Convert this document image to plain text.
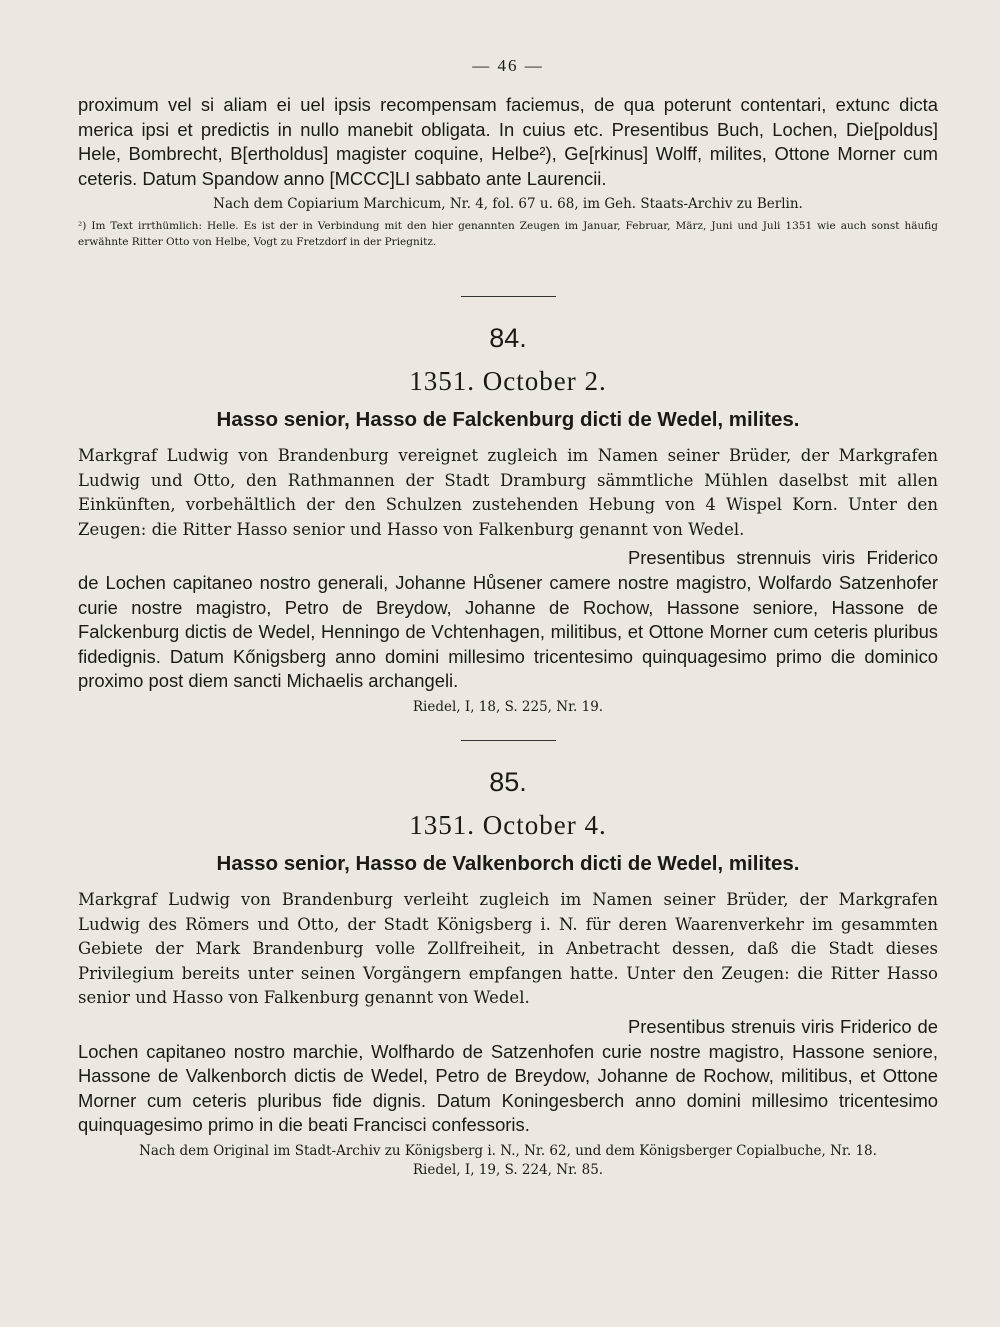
— 46 —

proximum vel si aliam ei uel ipsis recompensam faciemus, de qua poterunt contentari, extunc dicta merica ipsi et predictis in nullo manebit obligata. In cuius etc. Presentibus Buch, Lochen, Die[poldus] Hele, Bombrecht, B[ertholdus] magister coquine, Helbe²), Ge[rkinus] Wolff, milites, Ottone Morner cum ceteris. Datum Spandow anno [MCCC]LI sabbato ante Laurencii.

Nach dem Copiarium Marchicum, Nr. 4, fol. 67 u. 68, im Geh. Staats-Archiv zu Berlin.

²) Im Text irrthümlich: Helle. Es ist der in Verbindung mit den hier genannten Zeugen im Januar, Februar, März, Juni und Juli 1351 wie auch sonst häufig erwähnte Ritter Otto von Helbe, Vogt zu Fretzdorf in der Priegnitz.

84.

1351. October 2.

Hasso senior, Hasso de Falckenburg dicti de Wedel, milites.

Markgraf Ludwig von Brandenburg vereignet zugleich im Namen seiner Brüder, der Markgrafen Ludwig und Otto, den Rathmannen der Stadt Dramburg sämmtliche Mühlen daselbst mit allen Einkünften, vorbehältlich der den Schulzen zustehenden Hebung von 4 Wispel Korn. Unter den Zeugen: die Ritter Hasso senior und Hasso von Falkenburg genannt von Wedel.

Presentibus strennuis viris Friderico de Lochen capitaneo nostro generali, Johanne Hůsener camere nostre magistro, Wolfardo Satzenhofer curie nostre magistro, Petro de Breydow, Johanne de Rochow, Hassone seniore, Hassone de Falckenburg dictis de Wedel, Henningo de Vchtenhagen, militibus, et Ottone Morner cum ceteris pluribus fidedignis. Datum Kőnigsberg anno domini millesimo tricentesimo quinquagesimo primo die dominico proximo post diem sancti Michaelis archangeli.

Riedel, I, 18, S. 225, Nr. 19.

85.

1351. October 4.

Hasso senior, Hasso de Valkenborch dicti de Wedel, milites.

Markgraf Ludwig von Brandenburg verleiht zugleich im Namen seiner Brüder, der Markgrafen Ludwig des Römers und Otto, der Stadt Königsberg i. N. für deren Waarenverkehr im gesammten Gebiete der Mark Brandenburg volle Zollfreiheit, in Anbetracht dessen, daß die Stadt dieses Privilegium bereits unter seinen Vorgängern empfangen hatte. Unter den Zeugen: die Ritter Hasso senior und Hasso von Falkenburg genannt von Wedel.

Presentibus strenuis viris Friderico de Lochen capitaneo nostro marchie, Wolfhardo de Satzenhofen curie nostre magistro, Hassone seniore, Hassone de Valkenborch dictis de Wedel, Petro de Breydow, Johanne de Rochow, militibus, et Ottone Morner cum ceteris pluribus fide dignis. Datum Koningesberch anno domini millesimo tricentesimo quinquagesimo primo in die beati Francisci confessoris.

Nach dem Original im Stadt-Archiv zu Königsberg i. N., Nr. 62, und dem Königsberger Copialbuche, Nr. 18.

Riedel, I, 19, S. 224, Nr. 85.
